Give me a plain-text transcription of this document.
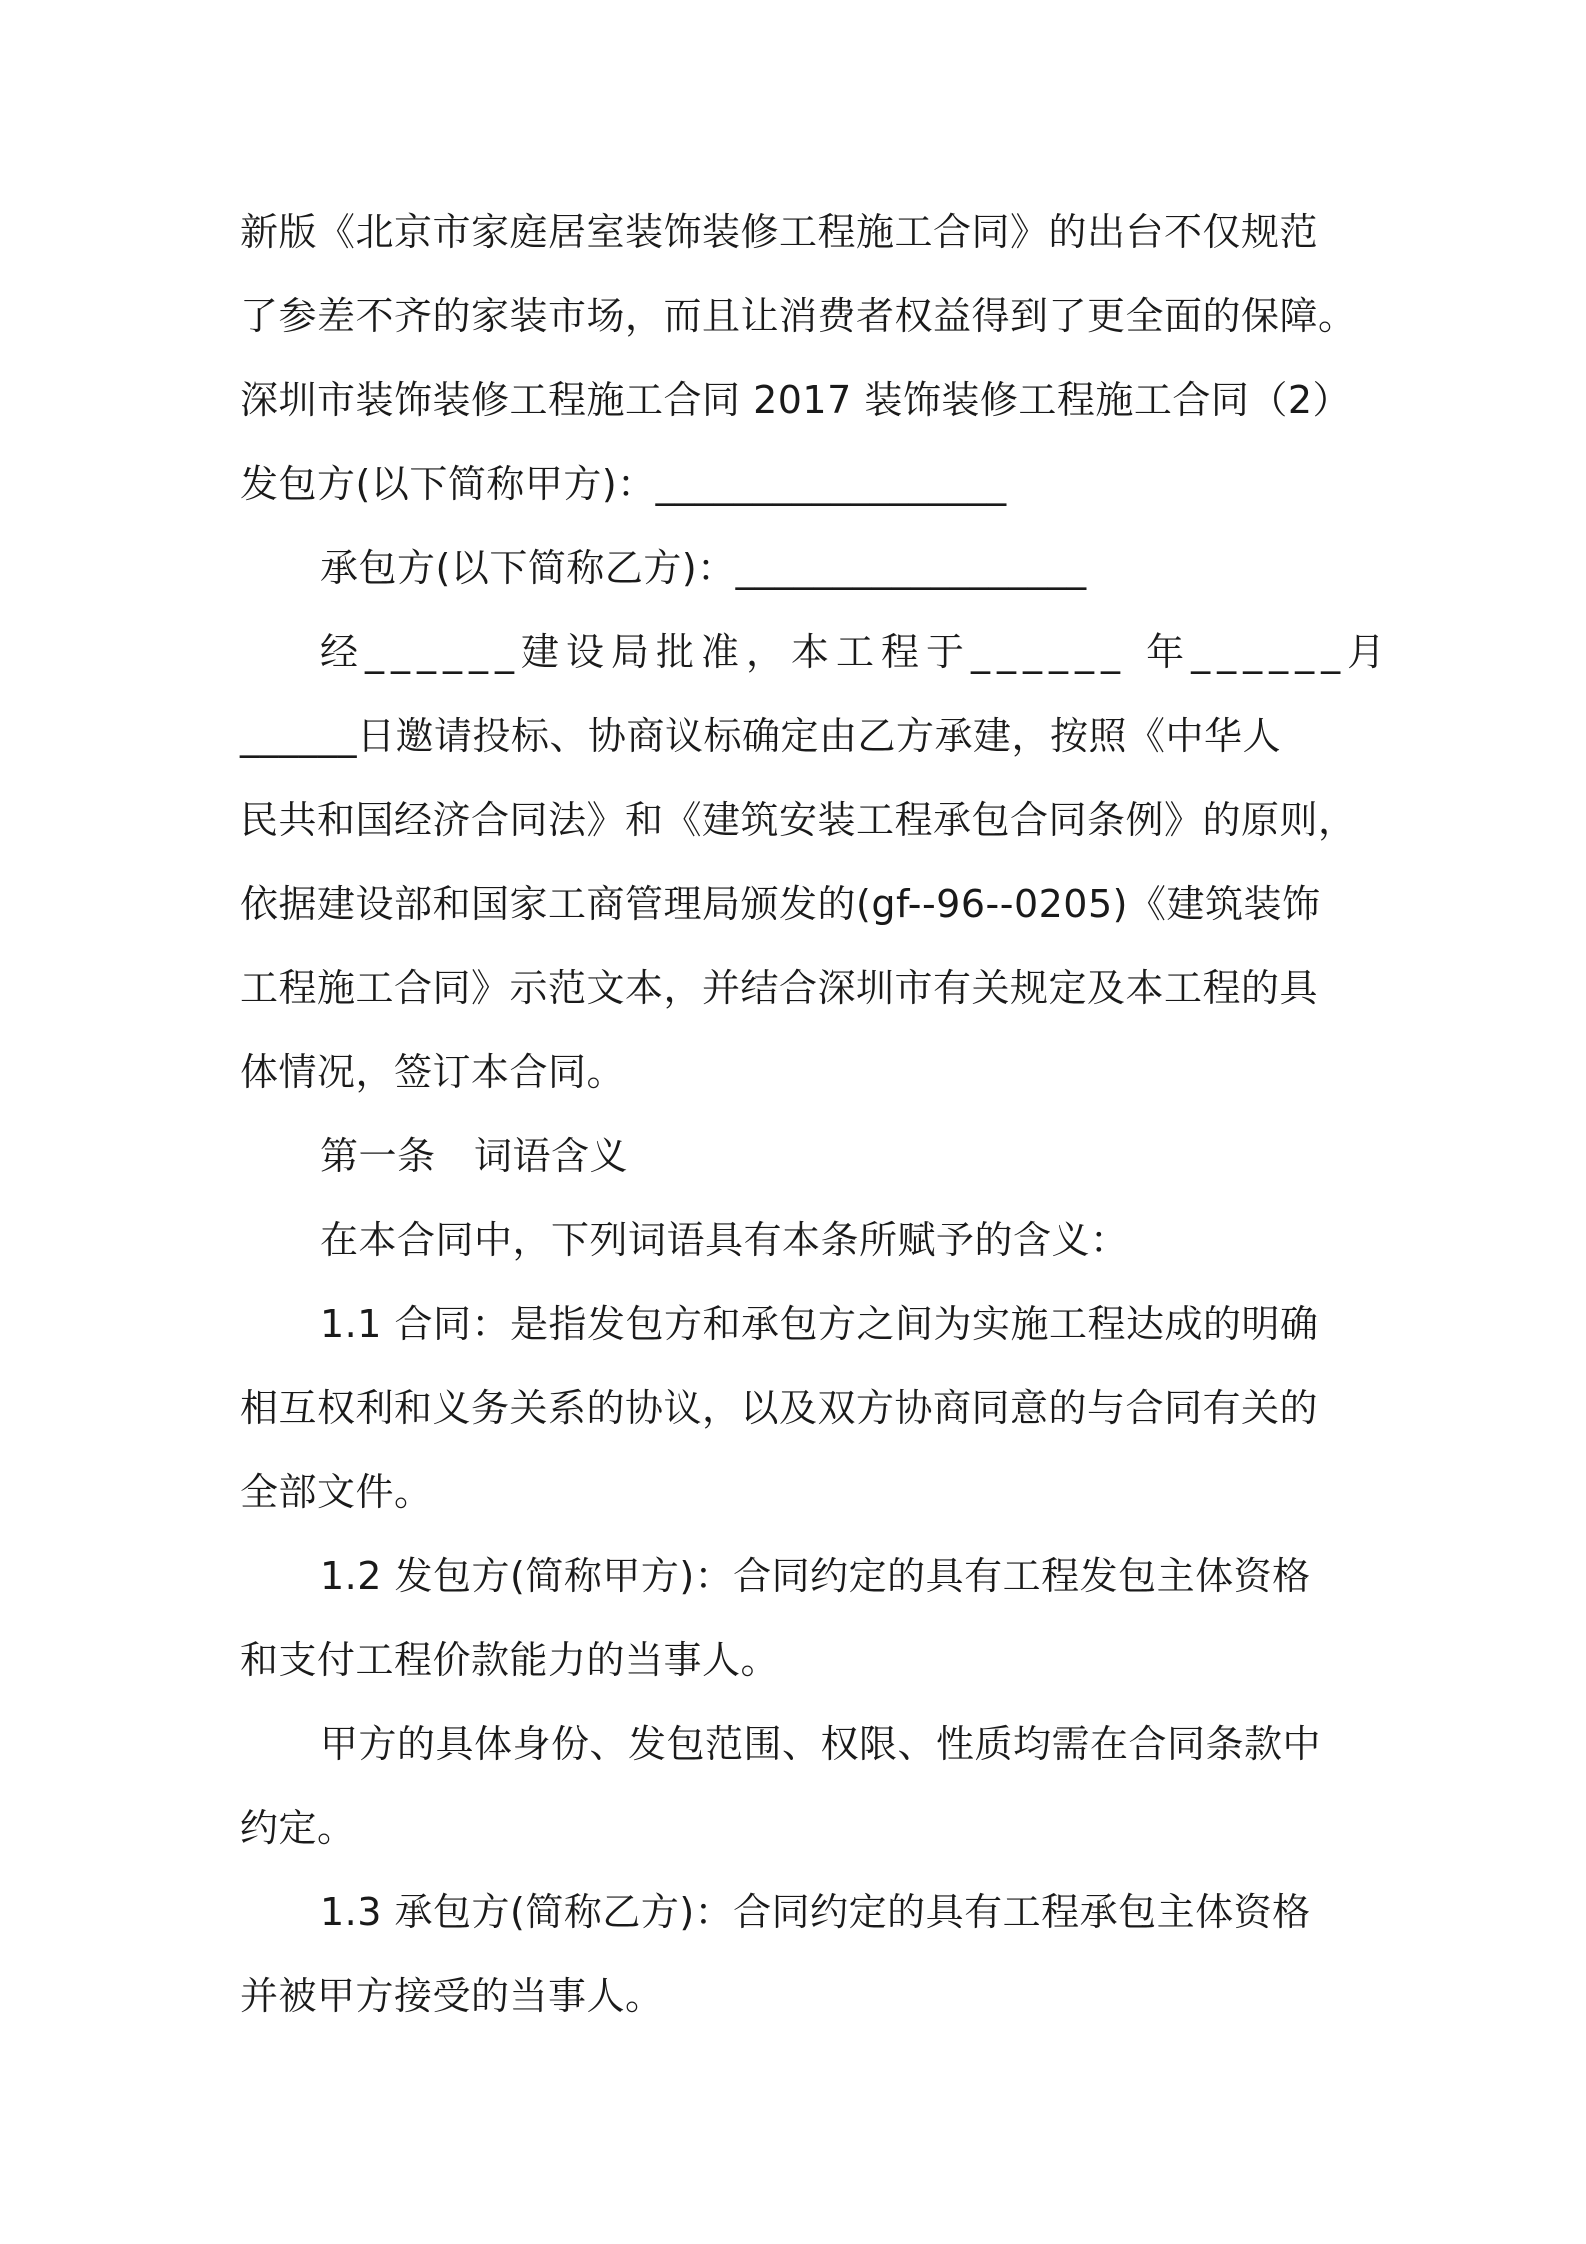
新版《北京市家庭居室装饰装修工程施工合同》的出台不仅规范
了参差不齐的家装市场，而且让消费者权益得到了更全面的保障。
深圳市装饰装修工程施工合同 2017 装饰装修工程施工合同（2）
发包方(以下简称甲方)：__________________
承包方(以下简称乙方)：__________________
经______建设局批准，本工程于______ 年______月
______日邀请投标、协商议标确定由乙方承建，按照《中华人
民共和国经济合同法》和《建筑安装工程承包合同条例》的原则，
依据建设部和国家工商管理局颁发的(gf--96--0205)《建筑装饰
工程施工合同》示范文本，并结合深圳市有关规定及本工程的具
体情况，签订本合同。
第一条　词语含义
在本合同中，下列词语具有本条所赋予的含义：
1.1 合同：是指发包方和承包方之间为实施工程达成的明确
相互权利和义务关系的协议，以及双方协商同意的与合同有关的
全部文件。
1.2 发包方(简称甲方)：合同约定的具有工程发包主体资格
和支付工程价款能力的当事人。
甲方的具体身份、发包范围、权限、性质均需在合同条款中
约定。
1.3 承包方(简称乙方)：合同约定的具有工程承包主体资格
并被甲方接受的当事人。
